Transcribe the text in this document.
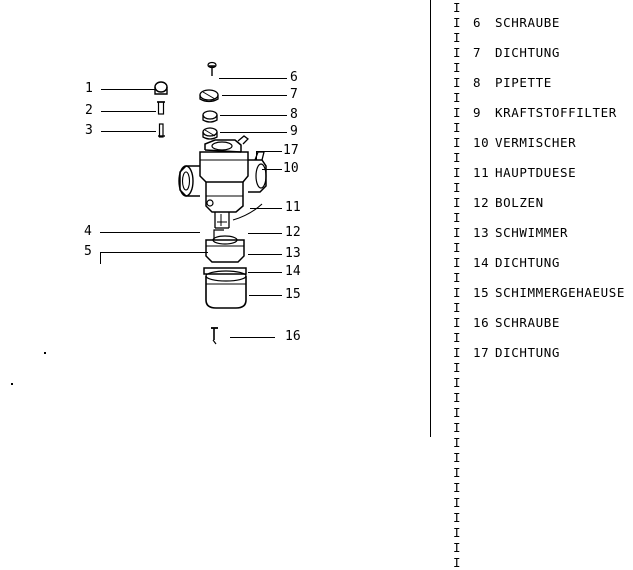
1
2
3
6
7
8
9
17
10
11
12
13
14
15
16
4
5
I
I 6 SCHRAUBE
I
I 7 DICHTUNG
I
I 8 PIPETTE
I
I 9 KRAFTSTOFFILTER
I
I 10 VERMISCHER
I
I 11 HAUPTDUESE
I
I 12 BOLZEN
I
I 13 SCHWIMMER
I
I 14 DICHTUNG
I
I 15 SCHIMMERGEHAEUSE
I
I 16 SCHRAUBE
I
I 17 DICHTUNG
I
I
I
I
I
I
I
I
I
I
I
I
I
I
